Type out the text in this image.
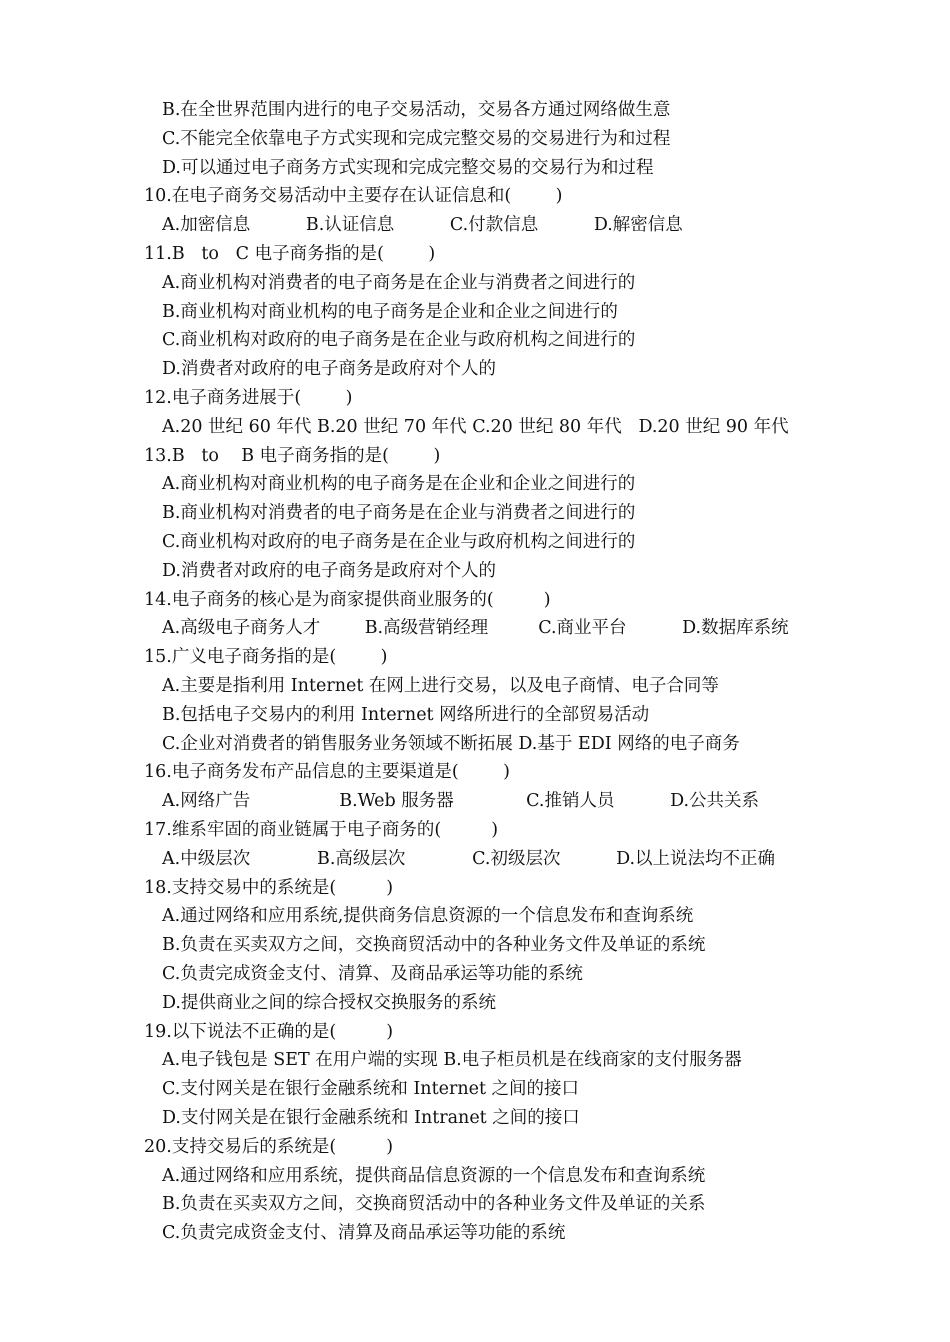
B.在全世界范围内进行的电子交易活动，交易各方通过网络做生意
C.不能完全依靠电子方式实现和完成完整交易的交易进行为和过程
D.可以通过电子商务方式实现和完成完整交易的交易行为和过程
10.在电子商务交易活动中主要存在认证信息和(        )
A.加密信息          B.认证信息          C.付款信息          D.解密信息
11.B   to   C 电子商务指的是(        )
A.商业机构对消费者的电子商务是在企业与消费者之间进行的
B.商业机构对商业机构的电子商务是企业和企业之间进行的
C.商业机构对政府的电子商务是在企业与政府机构之间进行的
D.消费者对政府的电子商务是政府对个人的
12.电子商务进展于(        )
A.20 世纪 60 年代 B.20 世纪 70 年代 C.20 世纪 80 年代   D.20 世纪 90 年代
13.B   to    B 电子商务指的是(        )
A.商业机构对商业机构的电子商务是在企业和企业之间进行的
B.商业机构对消费者的电子商务是在企业与消费者之间进行的
C.商业机构对政府的电子商务是在企业与政府机构之间进行的
D.消费者对政府的电子商务是政府对个人的
14.电子商务的核心是为商家提供商业服务的(         )
A.高级电子商务人才        B.高级营销经理         C.商业平台          D.数据库系统
15.广义电子商务指的是(        )
A.主要是指利用 Internet 在网上进行交易，以及电子商情、电子合同等
B.包括电子交易内的利用 Internet 网络所进行的全部贸易活动
C.企业对消费者的销售服务业务领域不断拓展 D.基于 EDI 网络的电子商务
16.电子商务发布产品信息的主要渠道是(        )
A.网络广告                B.Web 服务器             C.推销人员          D.公共关系
17.维系牢固的商业链属于电子商务的(         )
A.中级层次            B.高级层次            C.初级层次          D.以上说法均不正确
18.支持交易中的系统是(         )
A.通过网络和应用系统,提供商务信息资源的一个信息发布和查询系统
B.负责在买卖双方之间，交换商贸活动中的各种业务文件及单证的系统
C.负责完成资金支付、清算、及商品承运等功能的系统
D.提供商业之间的综合授权交换服务的系统
19.以下说法不正确的是(         )
A.电子钱包是 SET 在用户端的实现 B.电子柜员机是在线商家的支付服务器
C.支付网关是在银行金融系统和 Internet 之间的接口
D.支付网关是在银行金融系统和 Intranet 之间的接口
20.支持交易后的系统是(         )
A.通过网络和应用系统，提供商品信息资源的一个信息发布和查询系统
B.负责在买卖双方之间，交换商贸活动中的各种业务文件及单证的关系
C.负责完成资金支付、清算及商品承运等功能的系统
